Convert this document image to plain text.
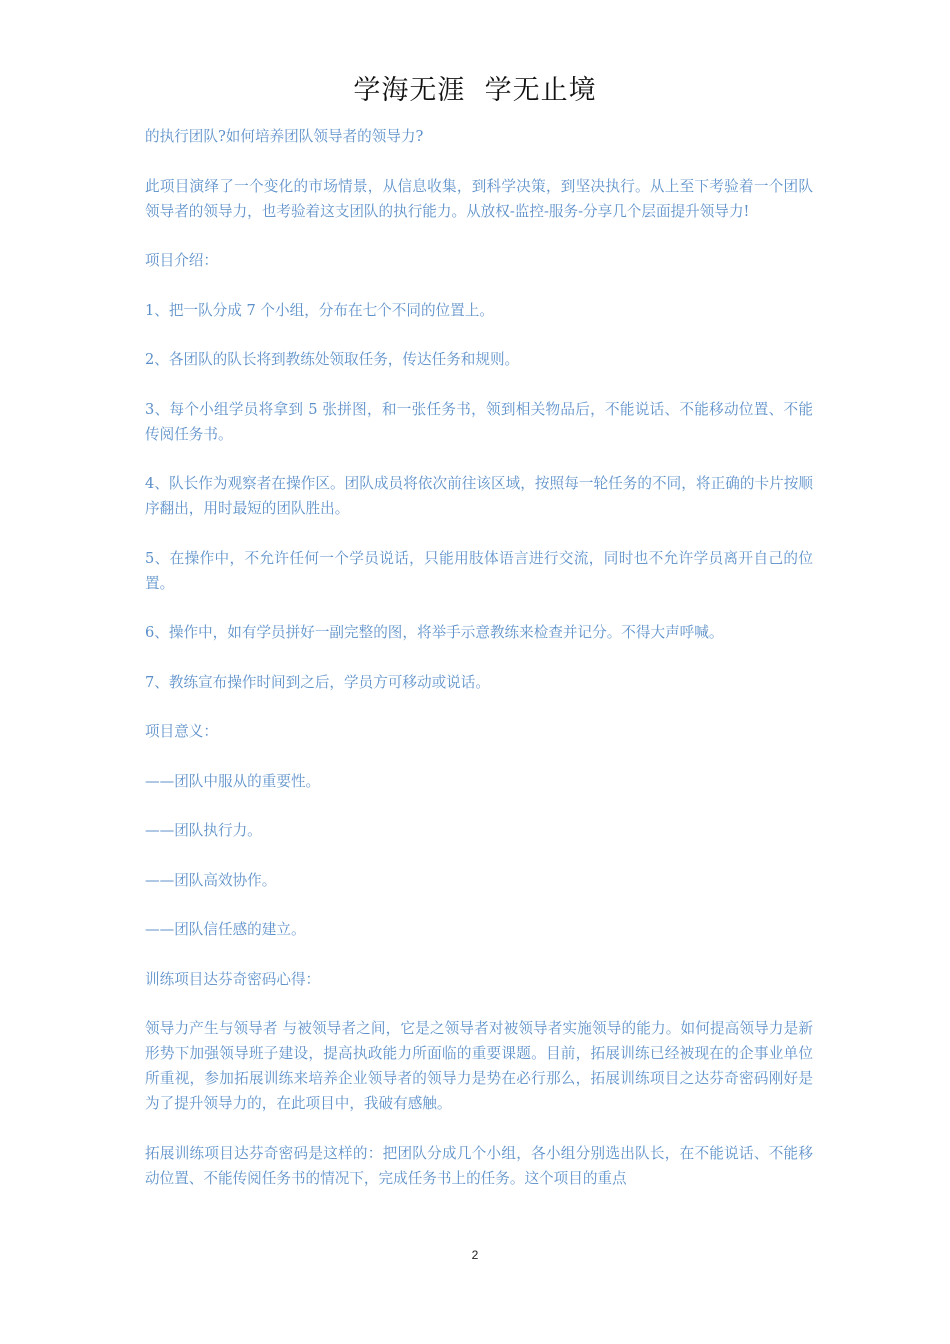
学海无涯  学无止境

的执行团队?如何培养团队领导者的领导力?

此项目演绎了一个变化的市场情景，从信息收集，到科学决策，到坚决执行。从上至下考验着一个团队领导者的领导力，也考验着这支团队的执行能力。从放权-监控-服务-分享几个层面提升领导力!

项目介绍：

1、把一队分成 7 个小组，分布在七个不同的位置上。

2、各团队的队长将到教练处领取任务，传达任务和规则。

3、每个小组学员将拿到 5 张拼图，和一张任务书，领到相关物品后，不能说话、不能移动位置、不能传阅任务书。

4、队长作为观察者在操作区。团队成员将依次前往该区域，按照每一轮任务的不同，将正确的卡片按顺序翻出，用时最短的团队胜出。

5、在操作中，不允许任何一个学员说话，只能用肢体语言进行交流，同时也不允许学员离开自己的位置。

6、操作中，如有学员拼好一副完整的图，将举手示意教练来检查并记分。不得大声呼喊。

7、教练宣布操作时间到之后，学员方可移动或说话。

项目意义：

——团队中服从的重要性。

——团队执行力。

——团队高效协作。

——团队信任感的建立。

训练项目达芬奇密码心得：

领导力产生与领导者 与被领导者之间，它是之领导者对被领导者实施领导的能力。如何提高领导力是新形势下加强领导班子建设，提高执政能力所面临的重要课题。目前，拓展训练已经被现在的企事业单位所重视，参加拓展训练来培养企业领导者的领导力是势在必行那么，拓展训练项目之达芬奇密码刚好是为了提升领导力的，在此项目中，我破有感触。

拓展训练项目达芬奇密码是这样的：把团队分成几个小组，各小组分别选出队长，在不能说话、不能移动位置、不能传阅任务书的情况下，完成任务书上的任务。这个项目的重点

2
